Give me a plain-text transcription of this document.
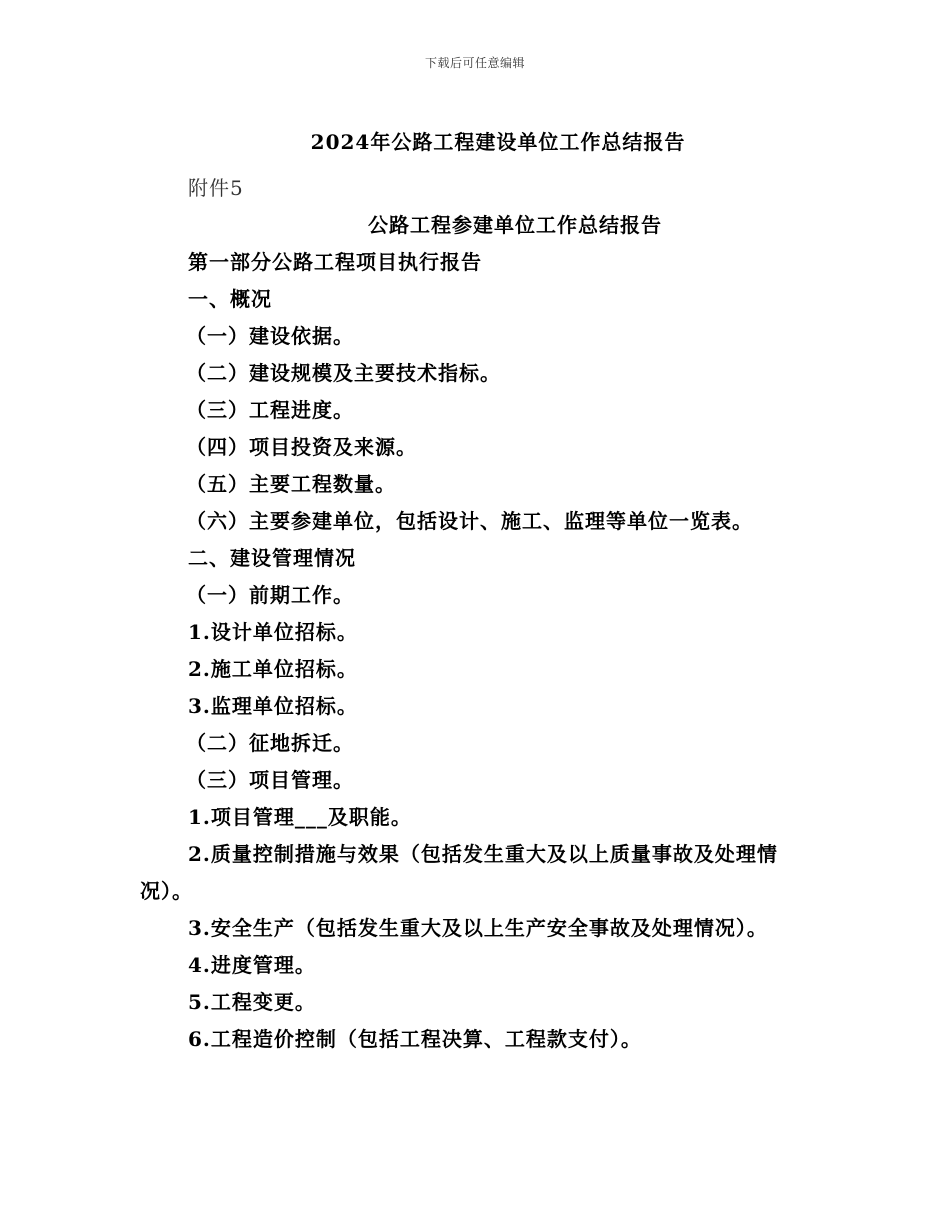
下载后可任意编辑
2024年公路工程建设单位工作总结报告
附件5
公路工程参建单位工作总结报告
第一部分公路工程项目执行报告
一、概况
（一）建设依据。
（二）建设规模及主要技术指标。
（三）工程进度。
（四）项目投资及来源。
（五）主要工程数量。
（六）主要参建单位，包括设计、施工、监理等单位一览表。
二、建设管理情况
（一）前期工作。
1.设计单位招标。
2.施工单位招标。
3.监理单位招标。
（二）征地拆迁。
（三）项目管理。
1.项目管理___及职能。
2.质量控制措施与效果（包括发生重大及以上质量事故及处理情
况）。
3.安全生产（包括发生重大及以上生产安全事故及处理情况）。
4.进度管理。
5.工程变更。
6.工程造价控制（包括工程决算、工程款支付）。
